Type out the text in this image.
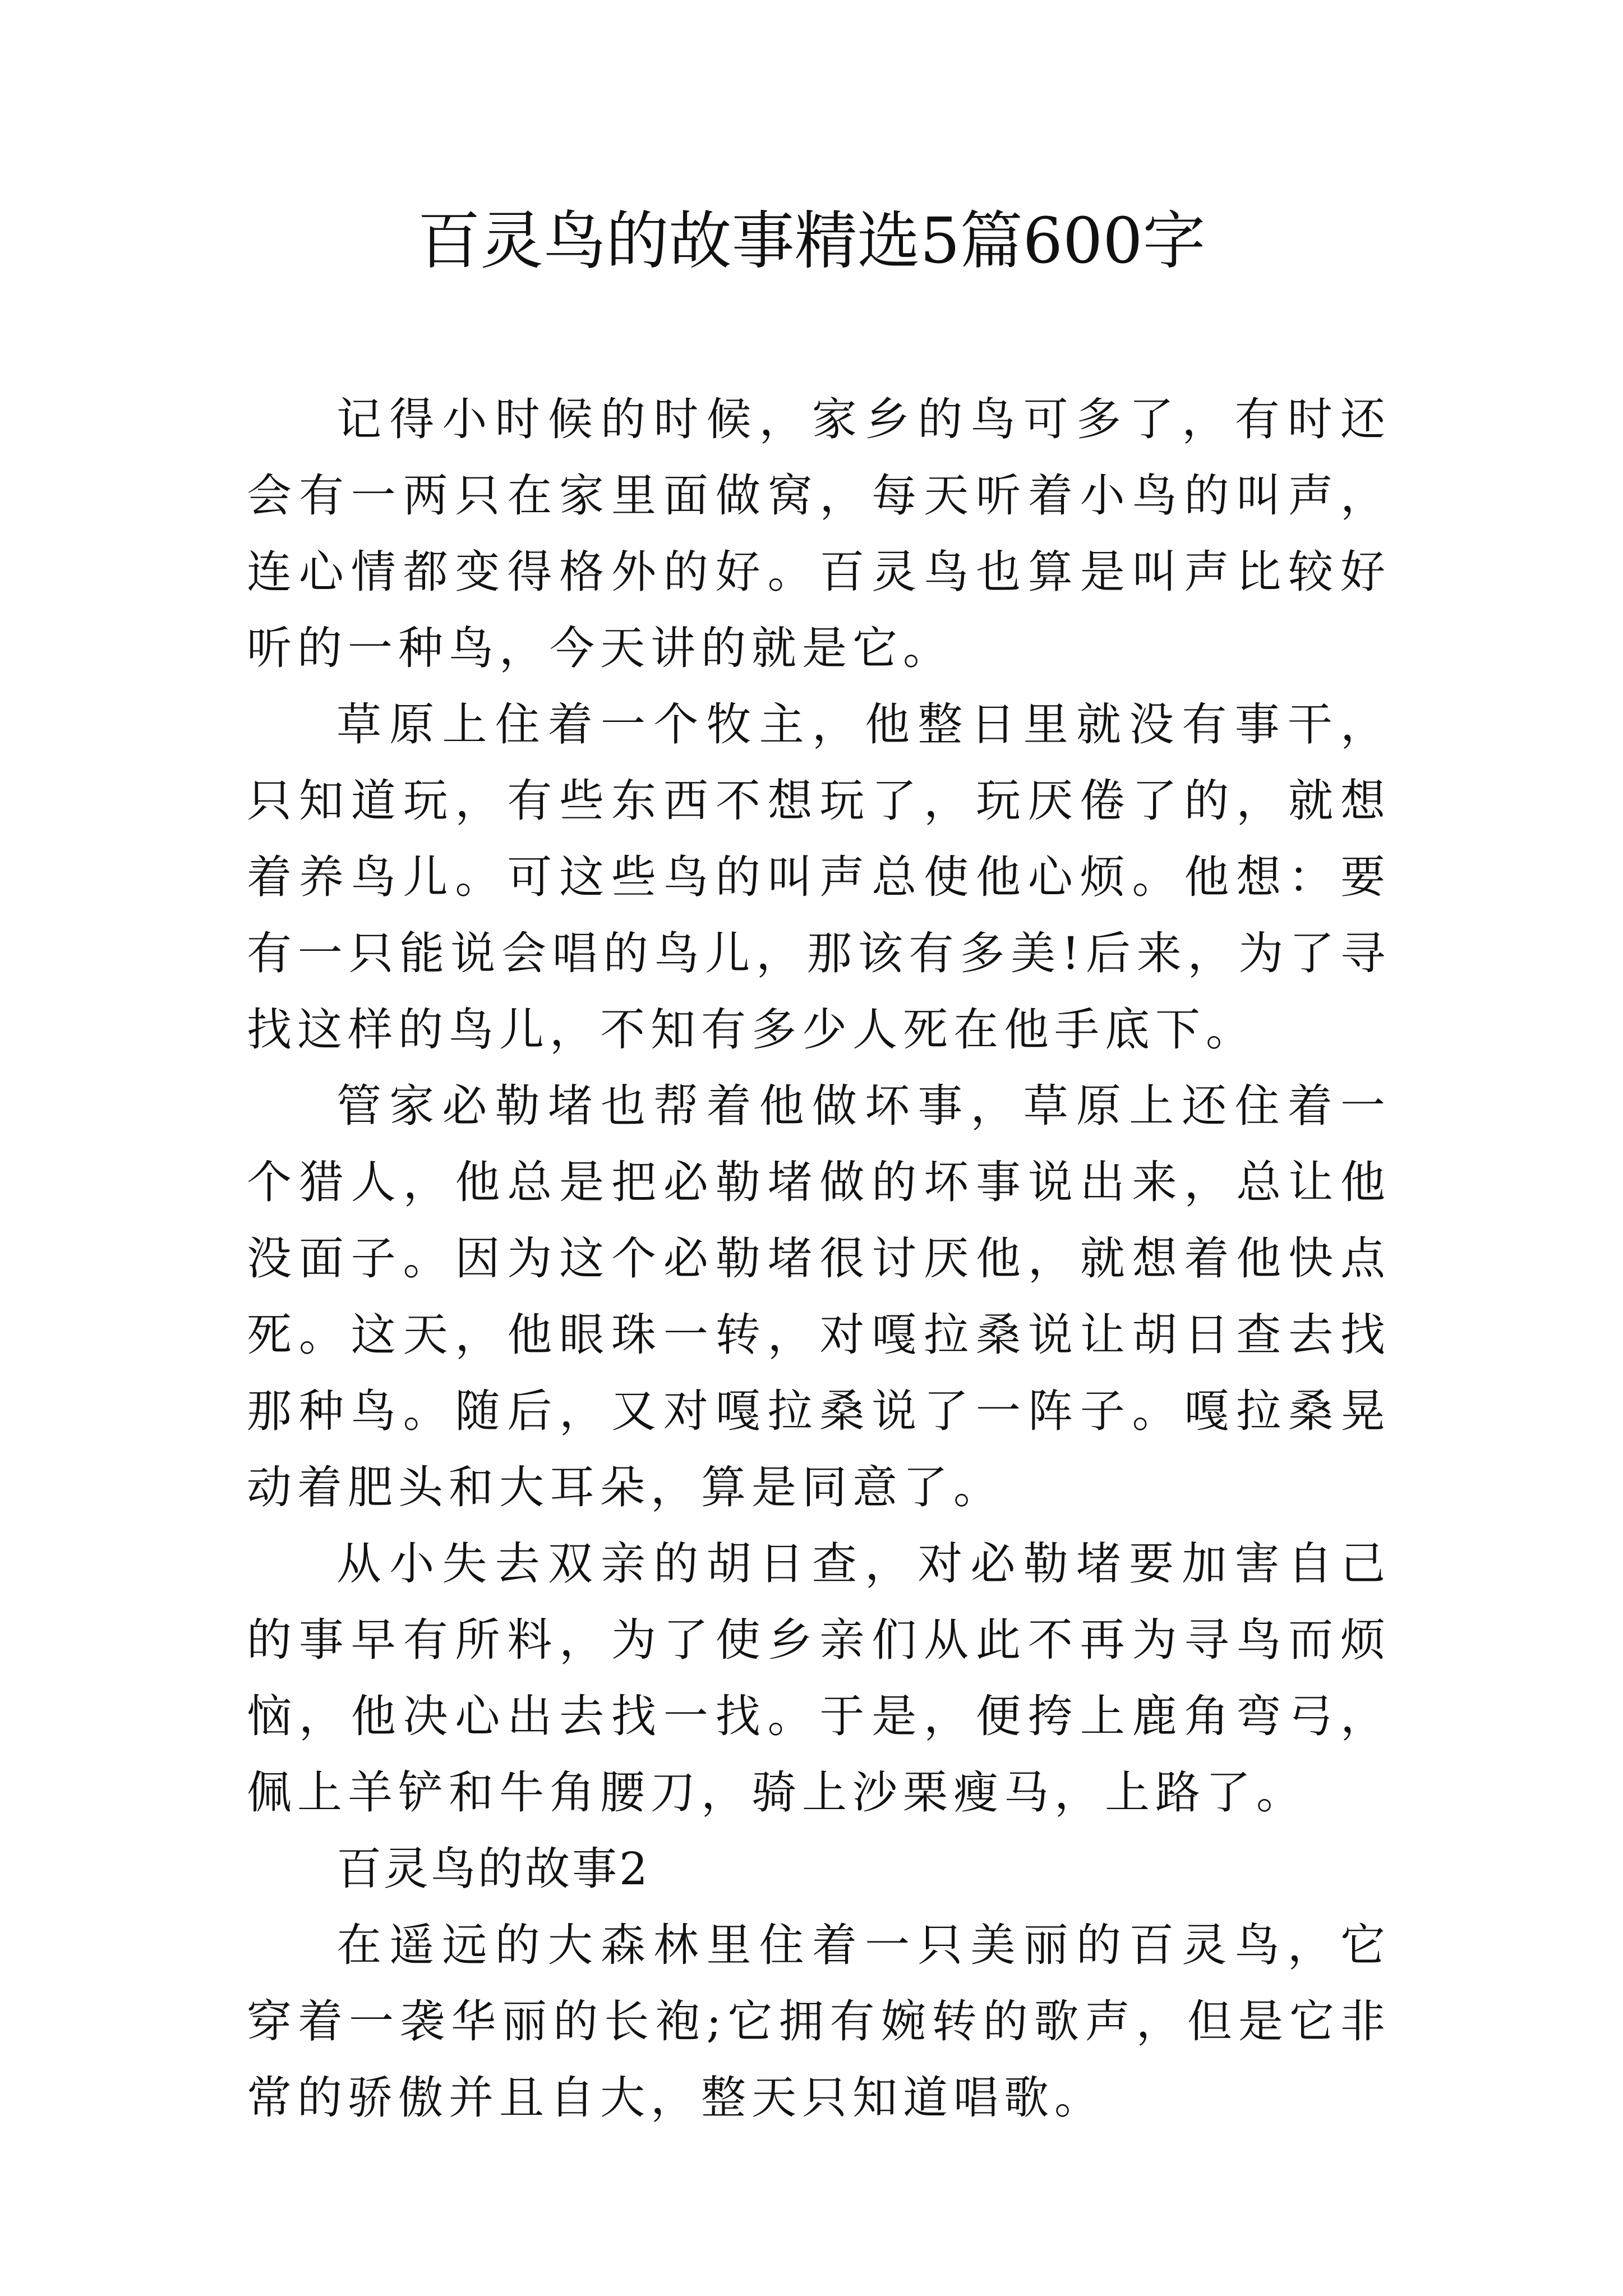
百灵鸟的故事精选5篇600字

记得小时候的时候，家乡的鸟可多了，有时还会有一两只在家里面做窝，每天听着小鸟的叫声，连心情都变得格外的好。百灵鸟也算是叫声比较好听的一种鸟，今天讲的就是它。

草原上住着一个牧主，他整日里就没有事干，只知道玩，有些东西不想玩了，玩厌倦了的，就想着养鸟儿。可这些鸟的叫声总使他心烦。他想：要有一只能说会唱的鸟儿，那该有多美!后来，为了寻找这样的鸟儿，不知有多少人死在他手底下。

管家必勒堵也帮着他做坏事，草原上还住着一个猎人，他总是把必勒堵做的坏事说出来，总让他没面子。因为这个必勒堵很讨厌他，就想着他快点死。这天，他眼珠一转，对嘎拉桑说让胡日查去找那种鸟。随后，又对嘎拉桑说了一阵子。嘎拉桑晃动着肥头和大耳朵，算是同意了。

从小失去双亲的胡日查，对必勒堵要加害自己的事早有所料，为了使乡亲们从此不再为寻鸟而烦恼，他决心出去找一找。于是，便挎上鹿角弯弓，佩上羊铲和牛角腰刀，骑上沙栗瘦马，上路了。

百灵鸟的故事2

在遥远的大森林里住着一只美丽的百灵鸟，它穿着一袭华丽的长袍;它拥有婉转的歌声，但是它非常的骄傲并且自大，整天只知道唱歌。
